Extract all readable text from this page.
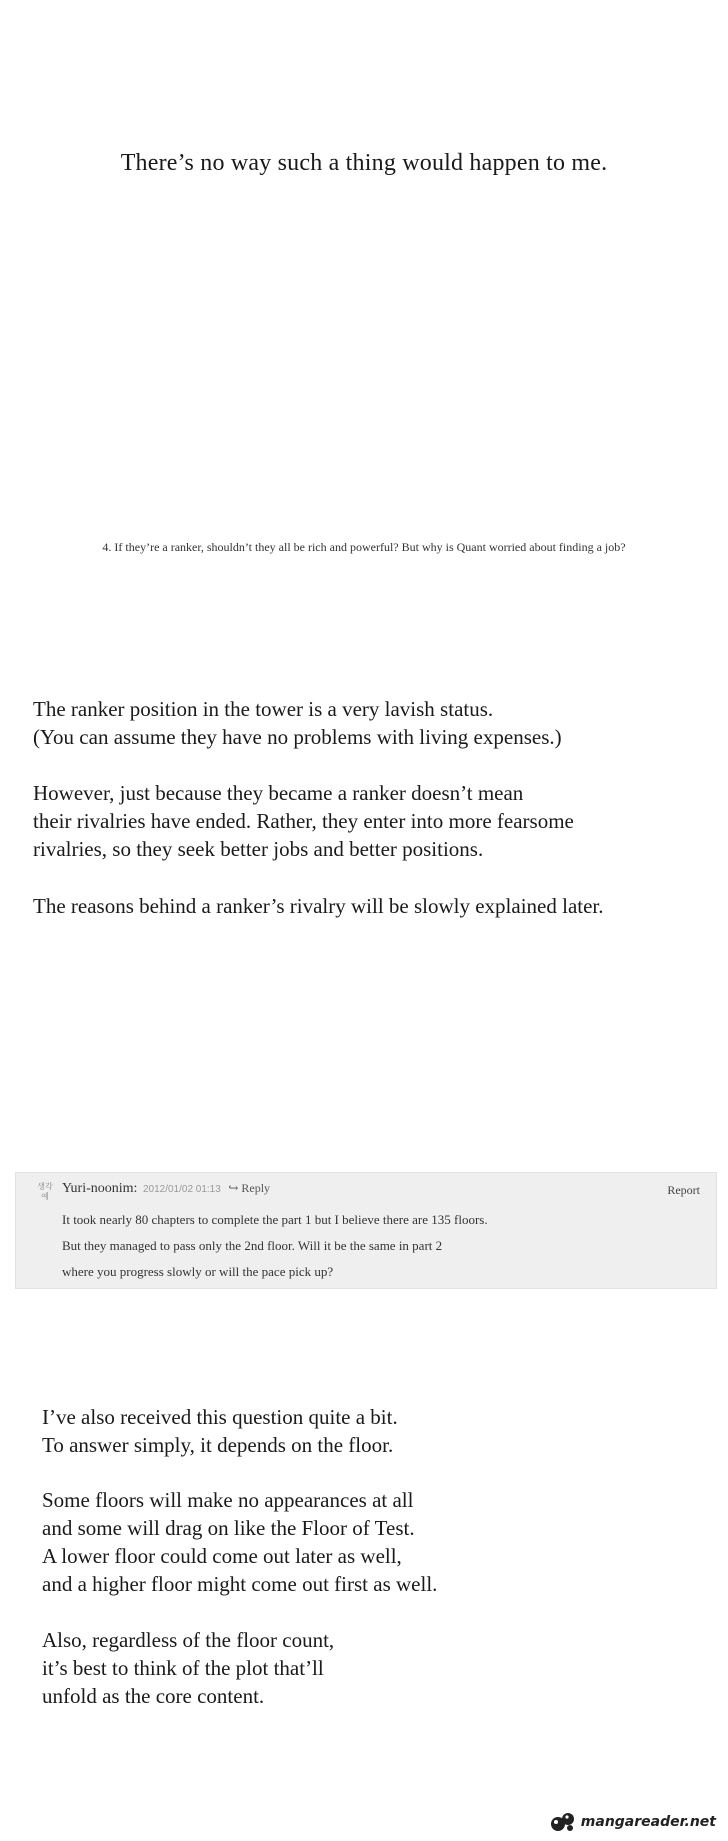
There’s no way such a thing would happen to me.
4. If they’re a ranker, shouldn’t they all be rich and powerful? But why is Quant worried about finding a job?
The ranker position in the tower is a very lavish status.
(You can assume they have no problems with living expenses.)
However, just because they became a ranker doesn’t mean
their rivalries have ended. Rather, they enter into more fearsome
rivalries, so they seek better jobs and better positions.
The reasons behind a ranker’s rivalry will be slowly explained later.
생각
예
Yuri-noonim: 2012/01/02 01:13 ↪ Reply	Report
It took nearly 80 chapters to complete the part 1 but I believe there are 135 floors.
But they managed to pass only the 2nd floor. Will it be the same in part 2
where you progress slowly or will the pace pick up?
I’ve also received this question quite a bit.
To answer simply, it depends on the floor.
Some floors will make no appearances at all
and some will drag on like the Floor of Test.
A lower floor could come out later as well,
and a higher floor might come out first as well.
Also, regardless of the floor count,
it’s best to think of the plot that’ll
unfold as the core content.
mangareader.net
